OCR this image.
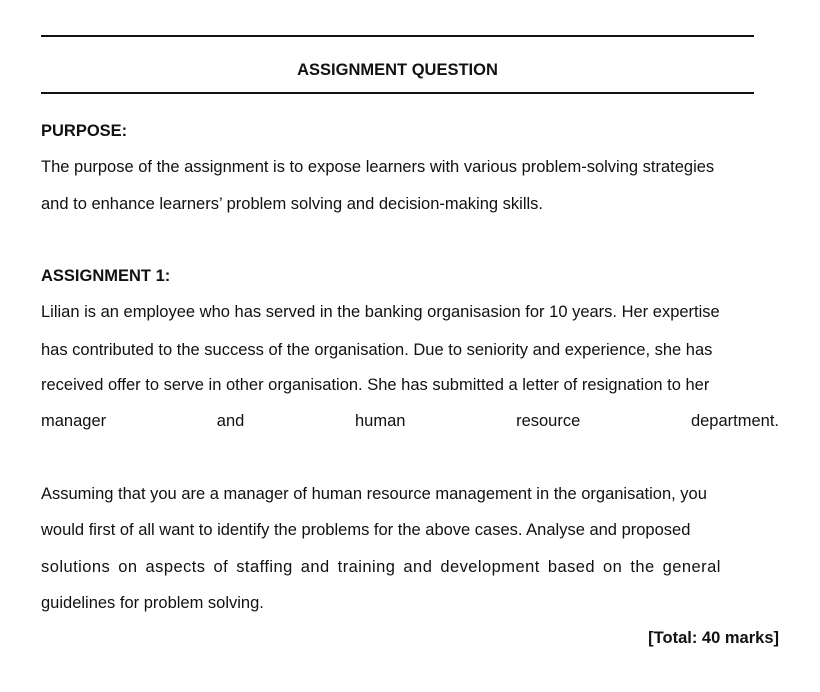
ASSIGNMENT QUESTION
PURPOSE:
The purpose of the assignment is to expose learners with various problem-solving strategies
and to enhance learners’ problem solving and decision-making skills.
ASSIGNMENT 1:
Lilian is an employee who has served in the banking organisasion for 10 years. Her expertise
has contributed to the success of the organisation. Due to seniority and experience, she has
received offer to serve in other organisation. She has submitted a letter of resignation to her
manager	and	human	resource	department.
Assuming that you are a manager of human resource management in the organisation, you
would first of all want to identify the problems for the above cases. Analyse and proposed
solutions on aspects of staffing and training and development based on the general
guidelines for problem solving.
[Total: 40 marks]
